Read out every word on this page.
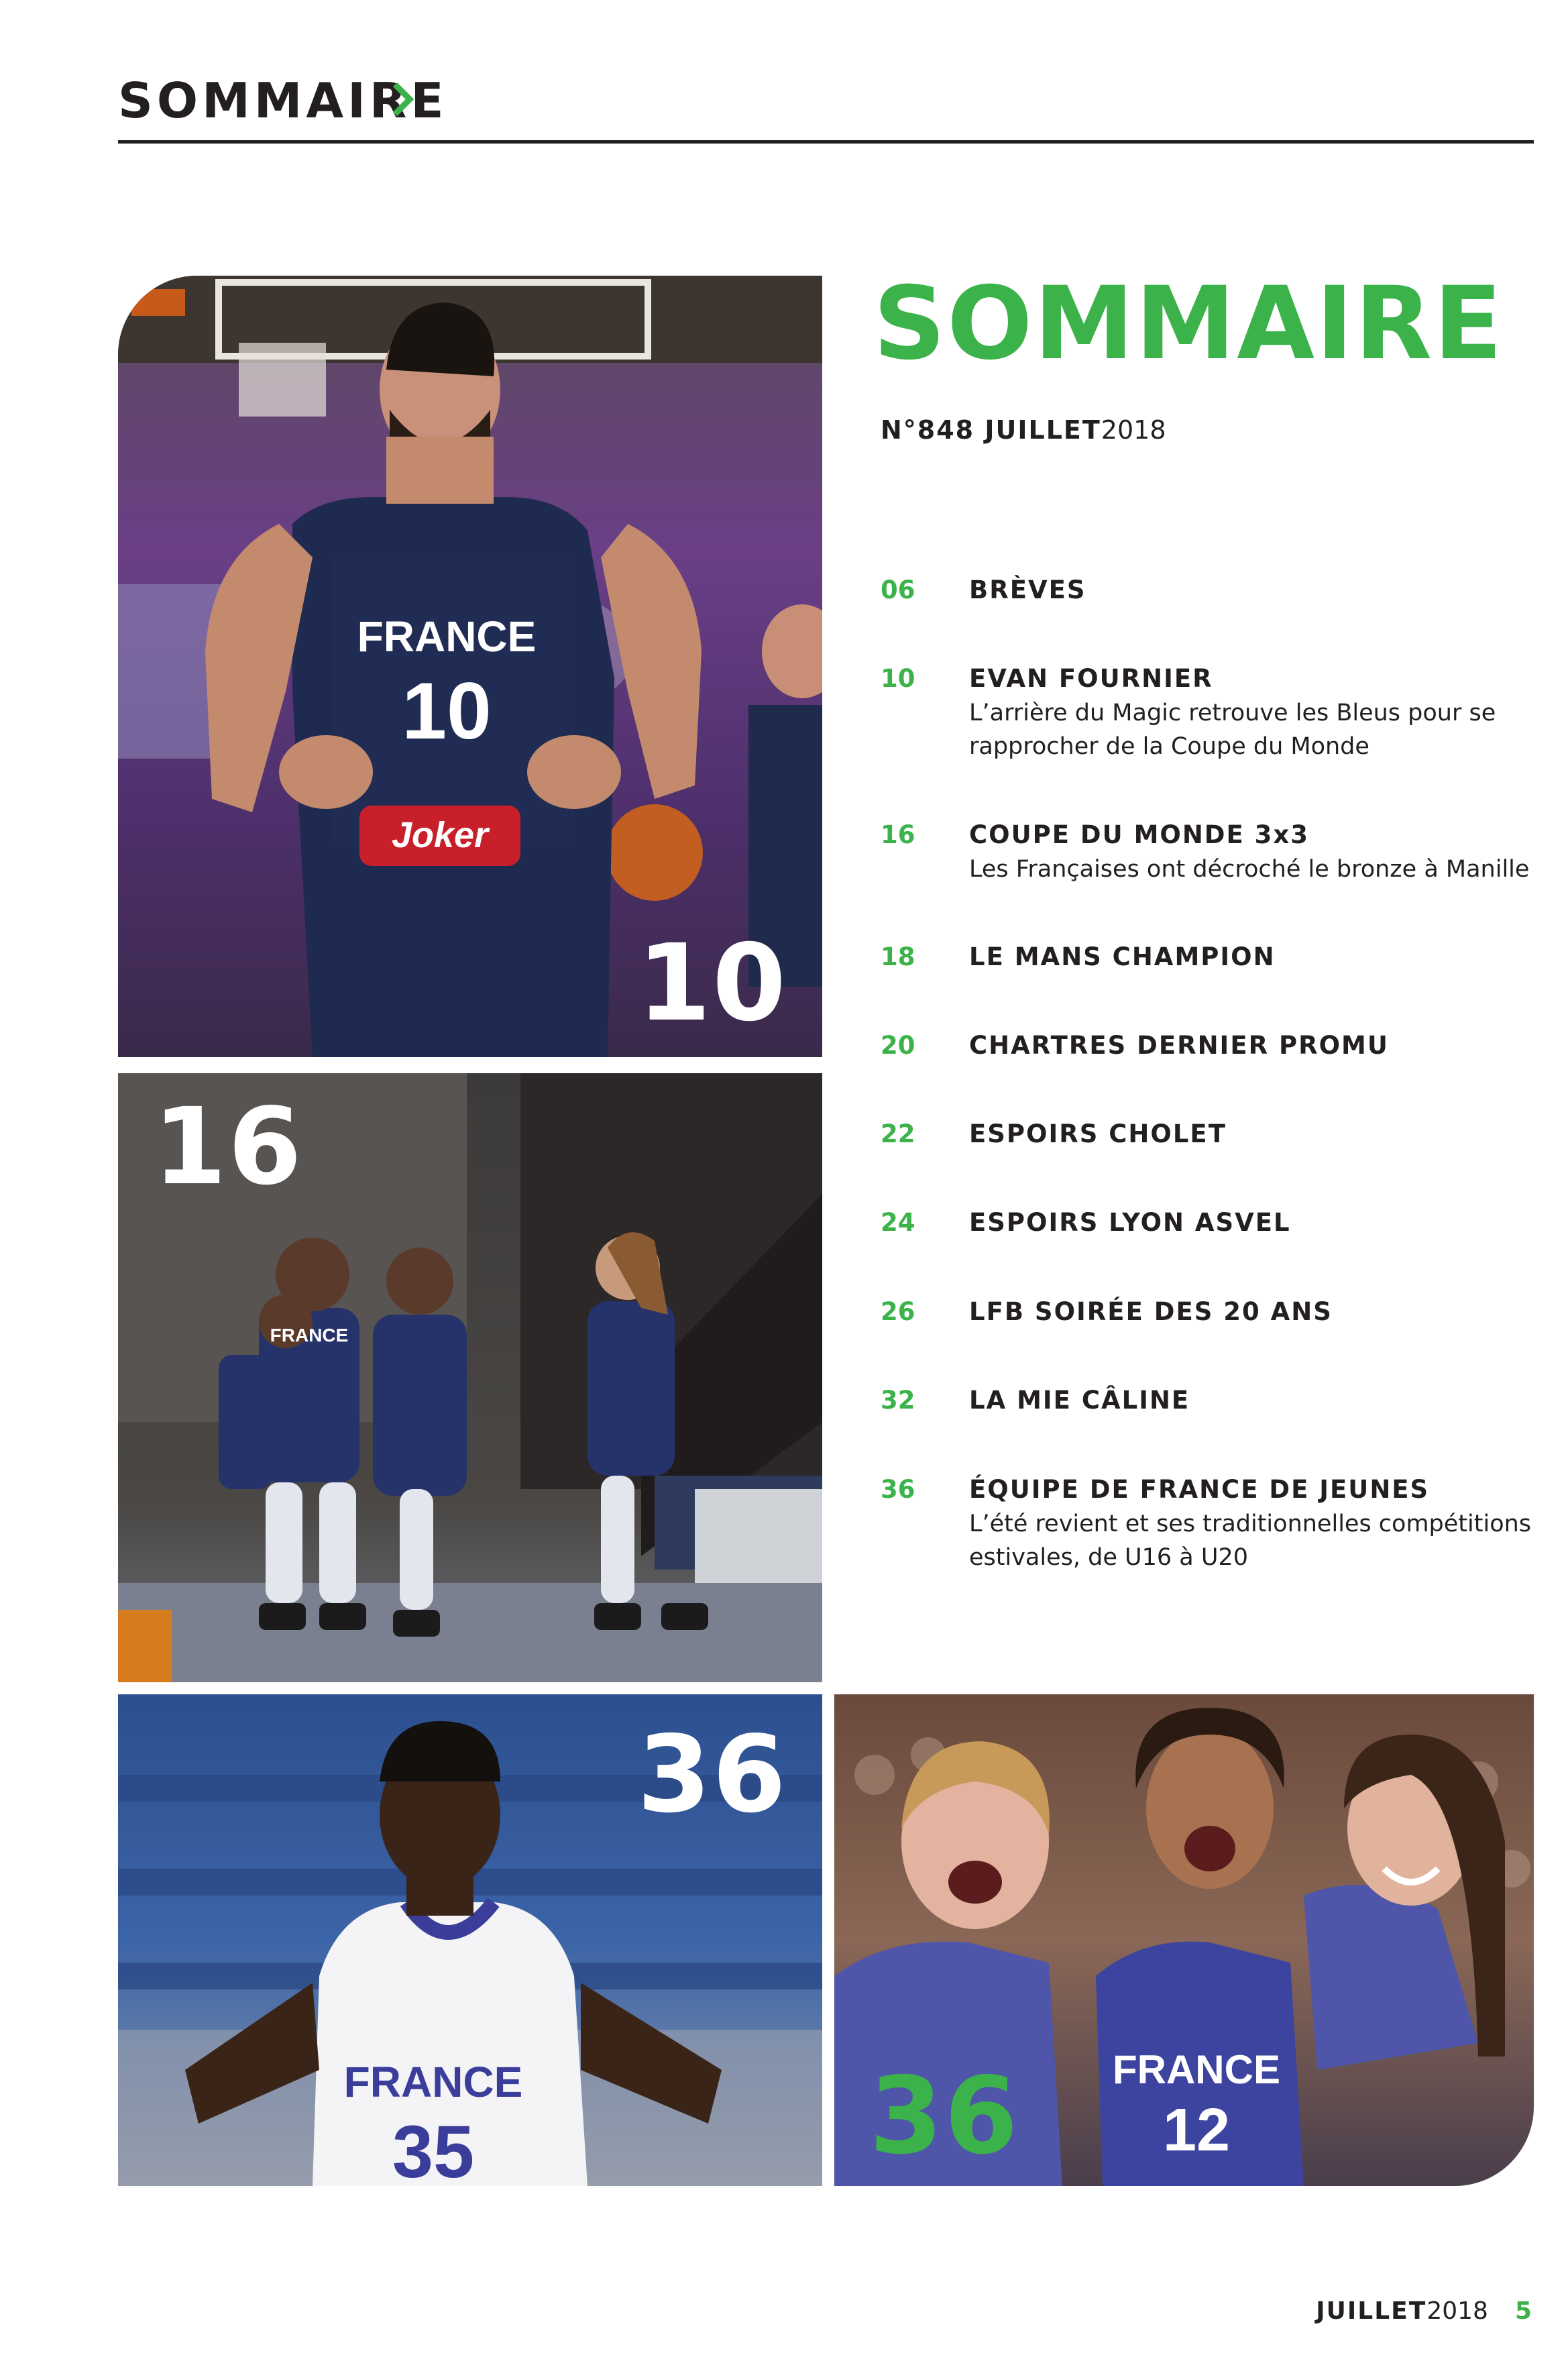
SOMMAIRE
FRANCE
10
Joker
10
FRANCE
16
FRANCE
35
36
FRANCE
12
36
SOMMAIRE
N°848 JUILLET2018
06 BRÈVES
10 EVAN FOURNIER
L’arrière du Magic retrouve les Bleus pour se rapprocher de la Coupe du Monde
16 COUPE DU MONDE 3x3
Les Françaises ont décroché le bronze à Manille
18 LE MANS CHAMPION
20 CHARTRES DERNIER PROMU
22 ESPOIRS CHOLET
24 ESPOIRS LYON ASVEL
26 LFB SOIRÉE DES 20 ANS
32 LA MIE CÂLINE
36 ÉQUIPE DE FRANCE DE JEUNES
L’été revient et ses traditionnelles compétitions estivales, de U16 à U20
JUILLET2018 5
